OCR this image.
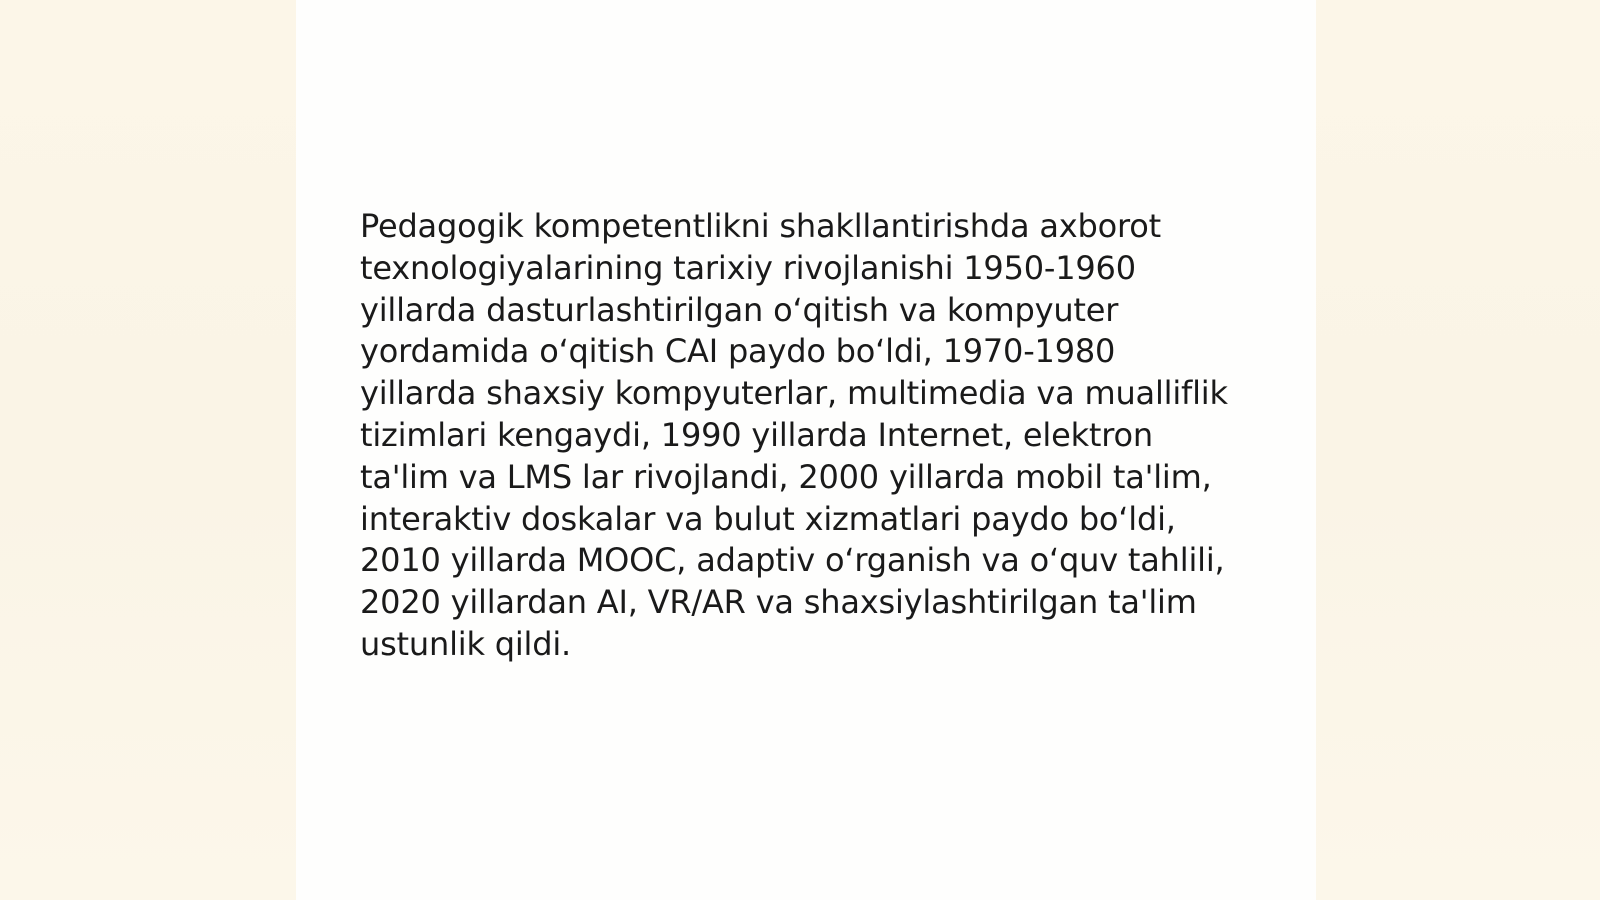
Pedagogik kompetentlikni shakllantirishda axborot
texnologiyalarining tarixiy rivojlanishi 1950-1960
yillarda dasturlashtirilgan o‘qitish va kompyuter
yordamida o‘qitish CAI paydo bo‘ldi, 1970-1980
yillarda shaxsiy kompyuterlar, multimedia va mualliflik
tizimlari kengaydi, 1990 yillarda Internet, elektron
ta'lim va LMS lar rivojlandi, 2000 yillarda mobil ta'lim,
interaktiv doskalar va bulut xizmatlari paydo bo‘ldi,
2010 yillarda MOOC, adaptiv o‘rganish va o‘quv tahlili,
2020 yillardan AI, VR/AR va shaxsiylashtirilgan ta'lim
ustunlik qildi.
